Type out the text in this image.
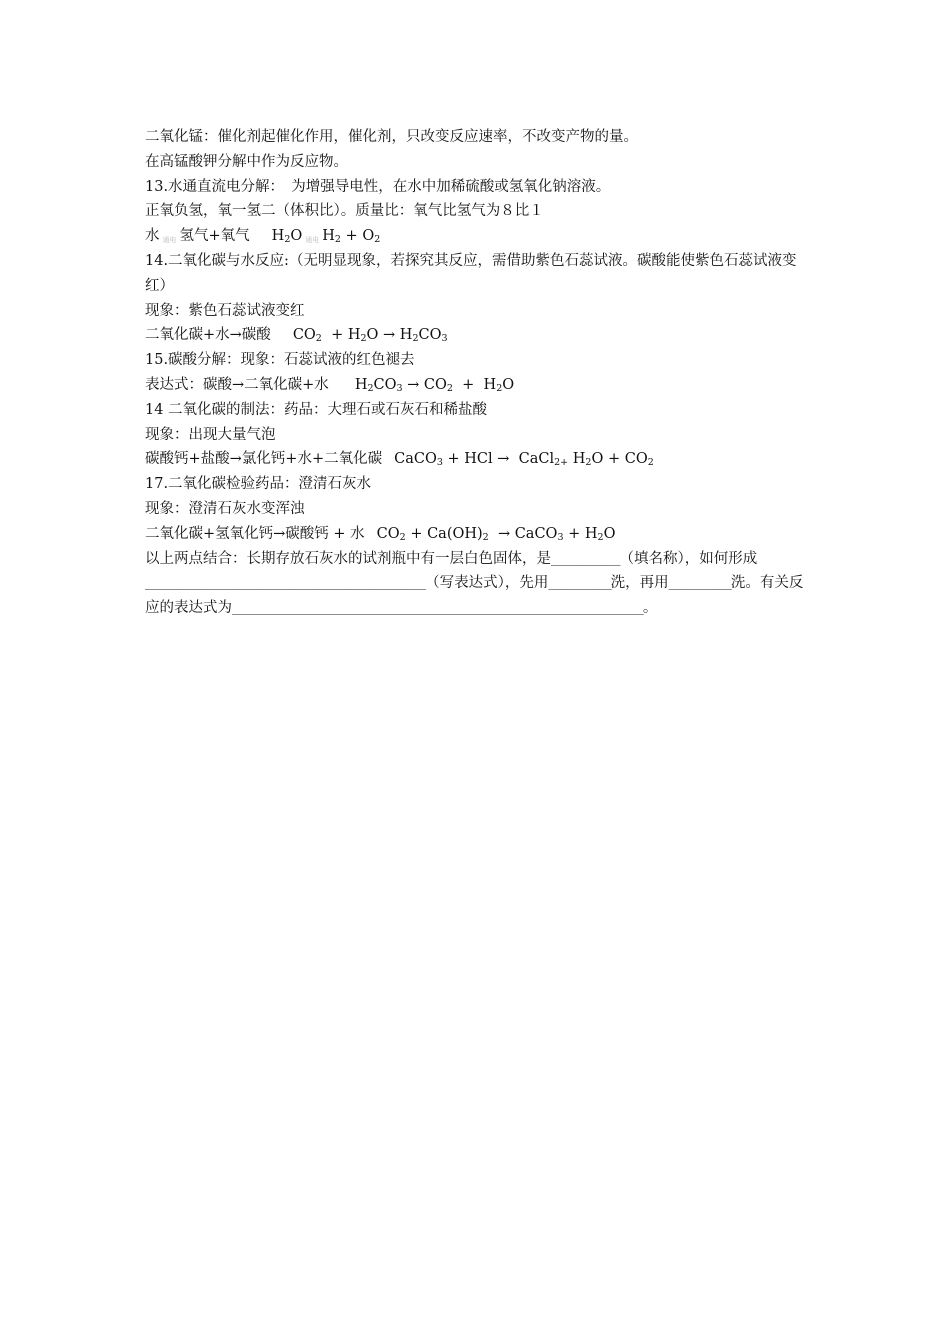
二氧化锰：催化剂起催化作用，催化剂，只改变反应速率，不改变产物的量。
在高锰酸钾分解中作为反应物。
13.水通直流电分解：　为增强导电性，在水中加稀硫酸或氢氧化钠溶液。
正氧负氢，氧一氢二（体积比）。质量比：氧气比氢气为８比１
水 通电 氢气+氧气 $H_2O$ 通电 $H_2 + O_2$
14.二氧化碳与水反应:（无明显现象，若探究其反应，需借助紫色石蕊试液。碳酸能使紫色石蕊试液变红）
现象：紫色石蕊试液变红
二氧化碳+水→碳酸 $CO_2 + H_2O \to H_2CO_3$
15.碳酸分解：现象：石蕊试液的红色褪去
表达式：碳酸→二氧化碳+水 $H_2CO_3 \to CO_2 + H_2O$
14 二氧化碳的制法：药品：大理石或石灰石和稀盐酸
现象：出现大量气泡
碳酸钙+盐酸→氯化钙+水+二氧化碳 CaCO$_3$ + HCl → CaCl$_{2+}$ $H_2O + CO_2$
17.二氧化碳检验药品：澄清石灰水
现象：澄清石灰水变浑浊
二氧化碳+氢氧化钙→碳酸钙 + 水 $CO_2 + Ca(OH)_2$ → CaCO$_3$ + $H_2O$
以上两点结合：长期存放石灰水的试剂瓶中有一层白色固体，是___________（填名称），如何形成_____________________________________________（写表达式），先用__________洗，再用__________洗。有关反应的表达式为__________________________________________________________________。
